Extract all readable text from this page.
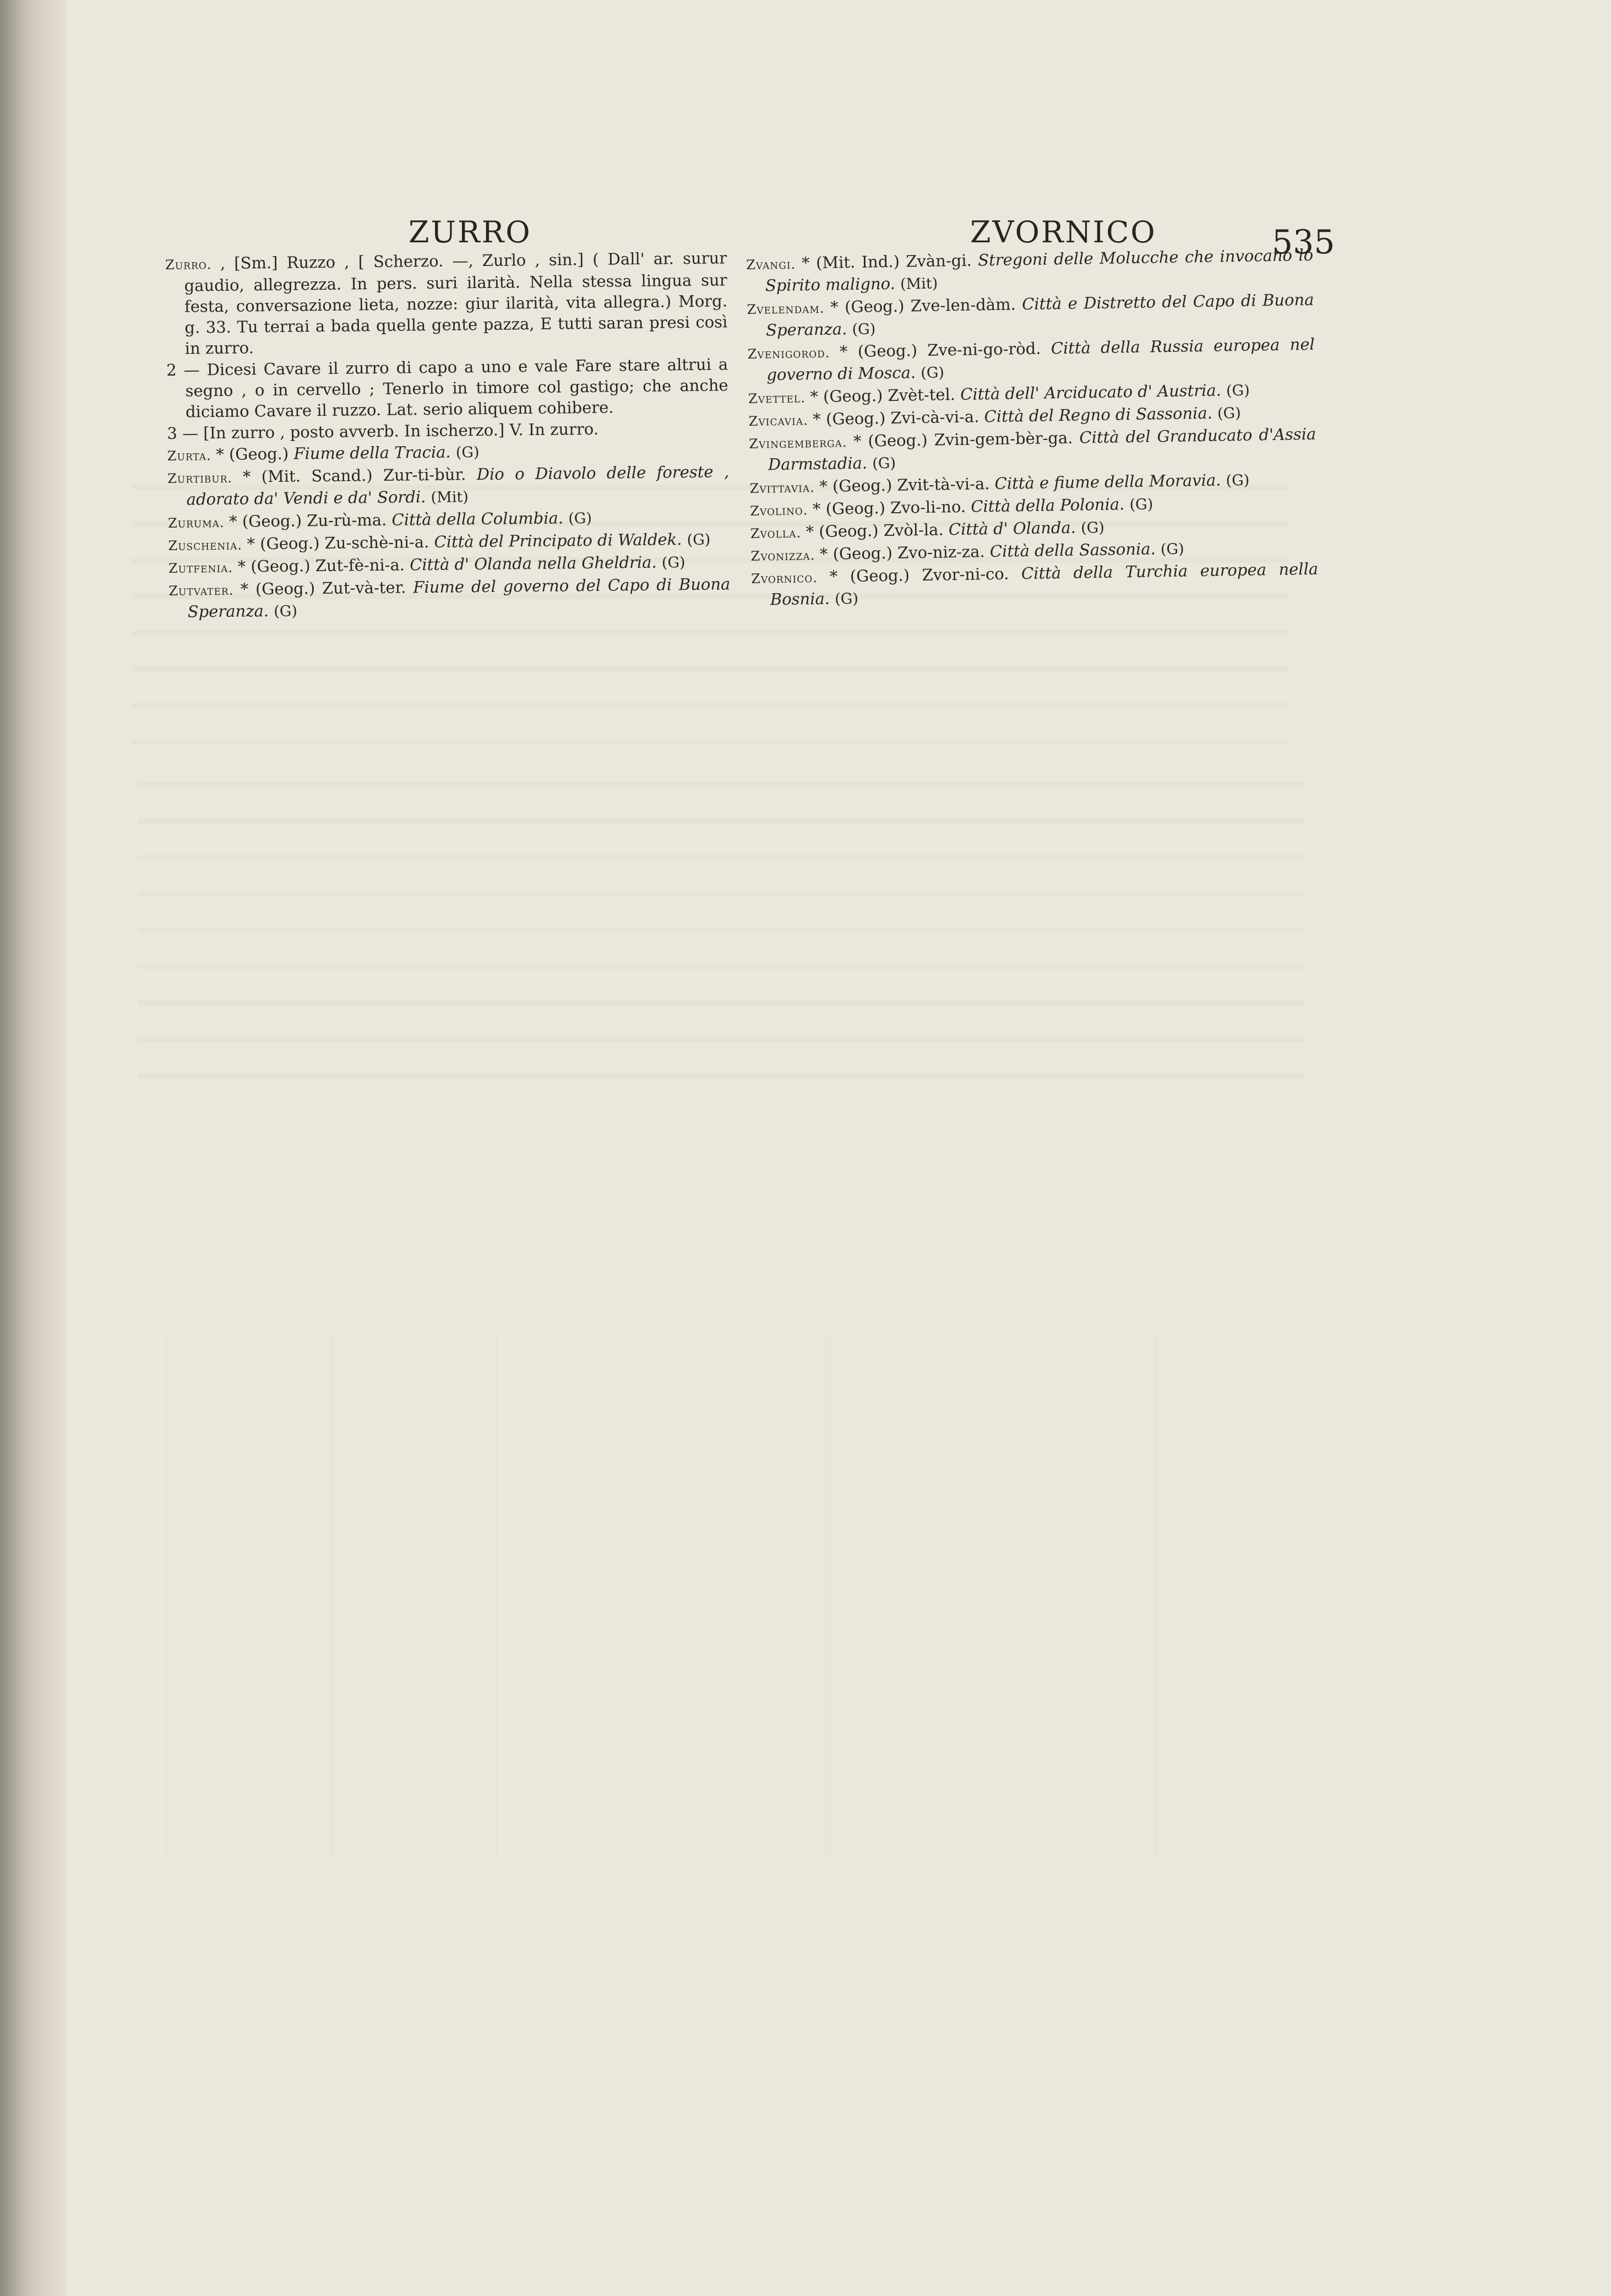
ZURRO	ZVORNICO	535

Zurro . , [Sm.] Ruzzo , [ Scherzo. —, Zurlo , sin.] ( Dall' ar. surur gaudio, allegrezza. In pers. suri ilarità. Nella stessa lingua sur festa, conversazione lieta, nozze: giur ilarità, vita allegra.) Morg. g. 33. Tu terrai a bada quella gente pazza, E tutti saran presi così in zurro.

2 — Dicesi Cavare il zurro di capo a uno e vale Fare stare altrui a segno , o in cervello ; Tenerlo in timore col gastigo; che anche diciamo Cavare il ruzzo. Lat. serio aliquem cohibere.

3 — [In zurro , posto avverb. In ischerzo.] V. In zurro.

Zurta . * (Geog.) Fiume della Tracia. (G)

Zurtibur . * (Mit. Scand.) Zur-ti-bùr. Dio o Diavolo delle foreste , adorato da' Vendi e da' Sordi. (Mit)

Zuruma . * (Geog.) Zu-rù-ma. Città della Columbia. (G)

Zuschenia . * (Geog.) Zu-schè-ni-a. Città del Principato di Waldek. (G)

Zutfenia . * (Geog.) Zut-fè-ni-a. Città d' Olanda nella Gheldria. (G)

Zutvater . * (Geog.) Zut-và-ter. Fiume del governo del Capo di Buona Speranza. (G)

Zvangi . * (Mit. Ind.) Zvàn-gi. Stregoni delle Molucche che invocano lo Spirito maligno. (Mit)

Zvelendam . * (Geog.) Zve-len-dàm. Città e Distretto del Capo di Buona Speranza. (G)

Zvenigorod . * (Geog.) Zve-ni-go-ròd. Città della Russia europea nel governo di Mosca. (G)

Zvettel . * (Geog.) Zvèt-tel. Città dell' Arciducato d' Austria. (G)

Zvicavia . * (Geog.) Zvi-cà-vi-a. Città del Regno di Sassonia. (G)

Zvingemberga . * (Geog.) Zvin-gem-bèr-ga. Città del Granducato d'Assia Darmstadia. (G)

Zvittavia . * (Geog.) Zvit-tà-vi-a. Città e fiume della Moravia. (G)

Zvolino . * (Geog.) Zvo-li-no. Città della Polonia. (G)

Zvolla . * (Geog.) Zvòl-la. Città d' Olanda. (G)

Zvonizza . * (Geog.) Zvo-niz-za. Città della Sassonia. (G)

Zvornico . * (Geog.) Zvor-ni-co. Città della Turchia europea nella Bosnia. (G)
